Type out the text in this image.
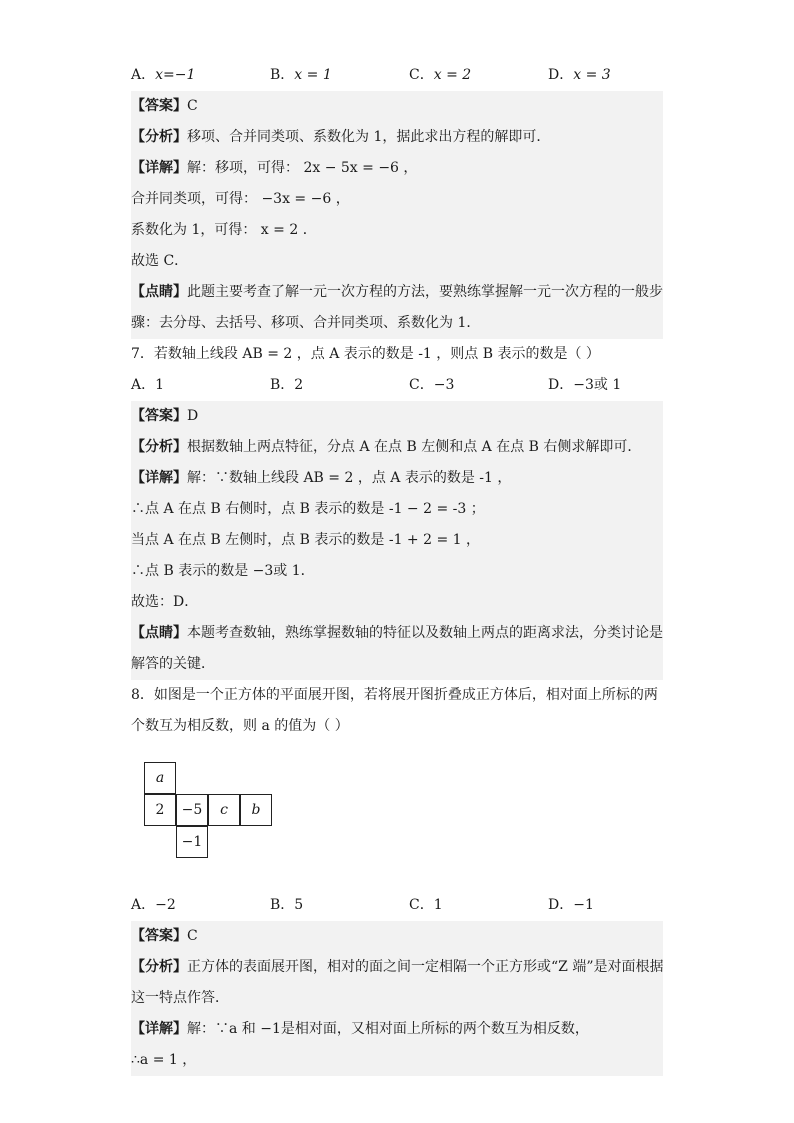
A．x=−1	B．x = 1	C．x = 2	D．x = 3
【答案】C
【分析】移项、合并同类项、系数化为 1，据此求出方程的解即可．
【详解】解：移项，可得： 2x − 5x = −6 ，
合并同类项，可得： −3x = −6 ，
系数化为 1，可得： x = 2 ．
故选 C．
【点睛】此题主要考查了解一元一次方程的方法，要熟练掌握解一元一次方程的一般步
骤：去分母、去括号、移项、合并同类项、系数化为 1．
7．若数轴上线段 AB = 2 ，点 A 表示的数是 -1 ，则点 B 表示的数是（ ）
A．1	B．2	C．−3	D．−3或 1
【答案】D
【分析】根据数轴上两点特征，分点 A 在点 B 左侧和点 A 在点 B 右侧求解即可．
【详解】解：∵数轴上线段 AB = 2 ，点 A 表示的数是 -1 ，
∴点 A 在点 B 右侧时，点 B 表示的数是 -1 − 2 = -3 ；
当点 A 在点 B 左侧时，点 B 表示的数是 -1 + 2 = 1 ，
∴点 B 表示的数是 −3或 1．
故选：D．
【点睛】本题考查数轴，熟练掌握数轴的特征以及数轴上两点的距离求法，分类讨论是
解答的关键．
8．如图是一个正方体的平面展开图，若将展开图折叠成正方体后，相对面上所标的两
个数互为相反数，则 a 的值为（ ）
a
2	−5	c	b
−1
A．−2	B．5	C．1	D．−1
【答案】C
【分析】正方体的表面展开图，相对的面之间一定相隔一个正方形或“Z 端”是对面根据
这一特点作答．
【详解】解：∵a 和 −1是相对面，又相对面上所标的两个数互为相反数，
∴a = 1 ，
